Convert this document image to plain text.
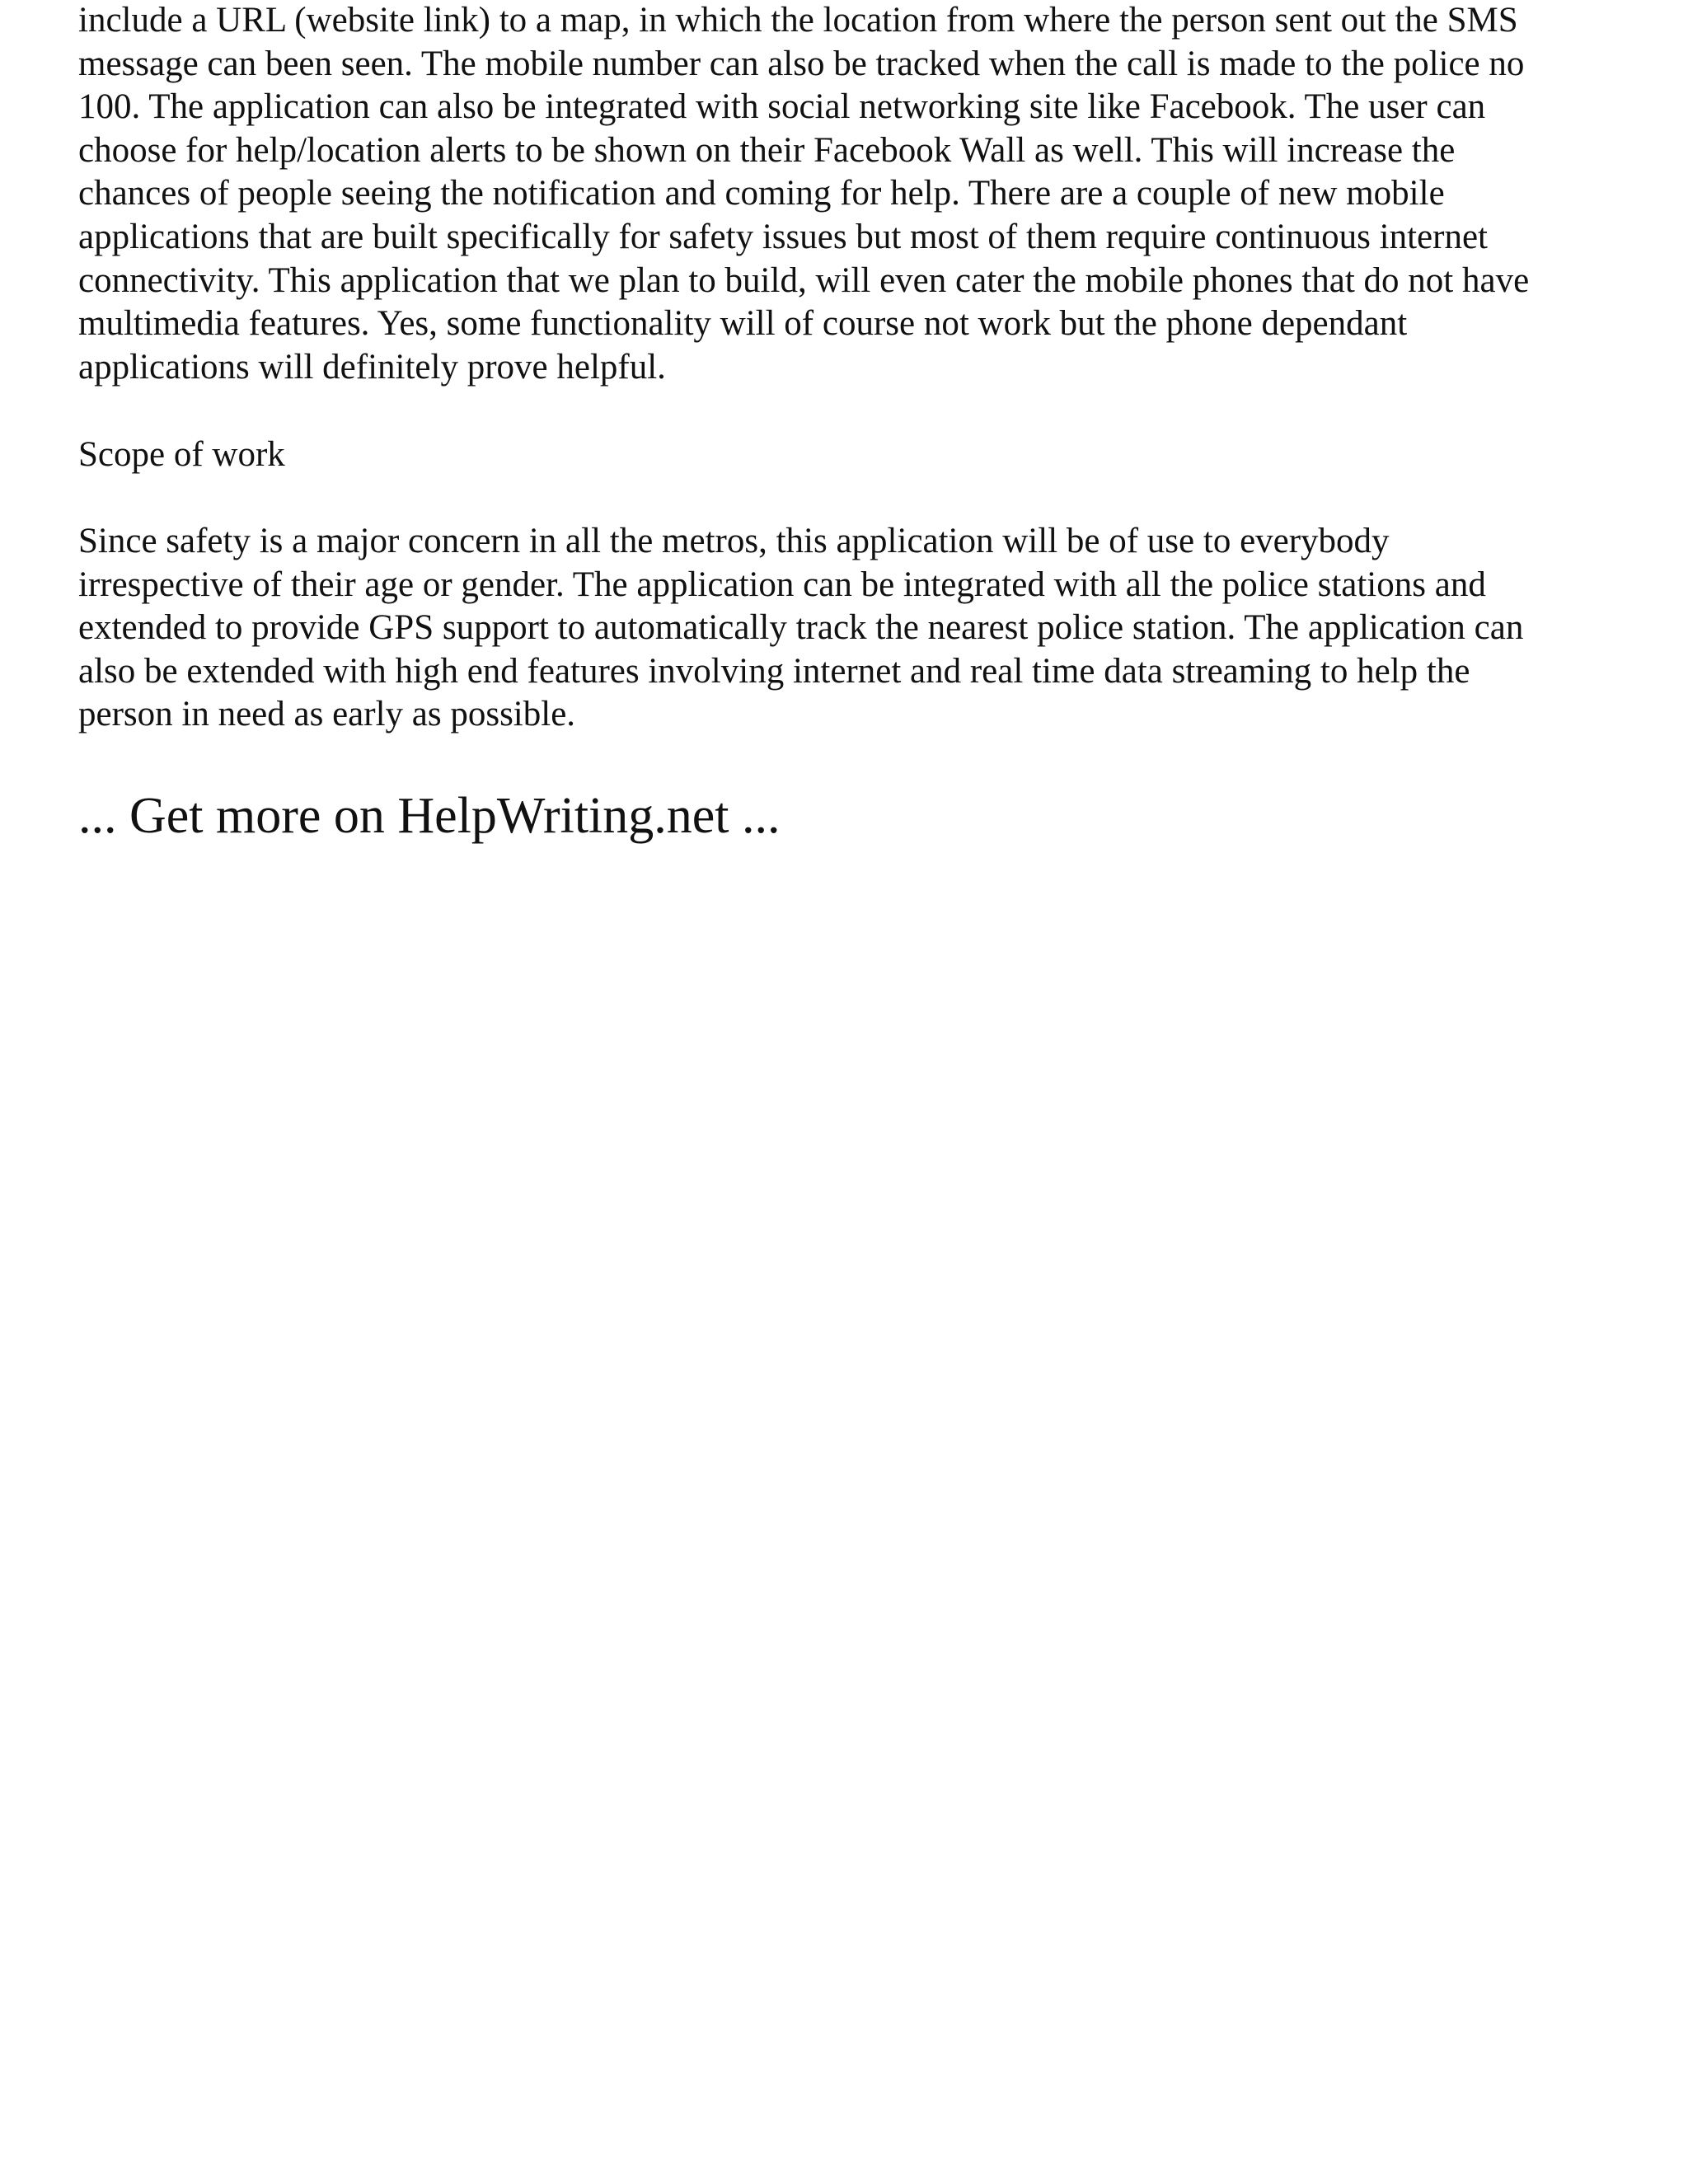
include a URL (website link) to a map, in which the location from where the person sent out the SMS
message can been seen. The mobile number can also be tracked when the call is made to the police no
100. The application can also be integrated with social networking site like Facebook. The user can
choose for help/location alerts to be shown on their Facebook Wall as well. This will increase the
chances of people seeing the notification and coming for help. There are a couple of new mobile
applications that are built specifically for safety issues but most of them require continuous internet
connectivity. This application that we plan to build, will even cater the mobile phones that do not have
multimedia features. Yes, some functionality will of course not work but the phone dependant
applications will definitely prove helpful.
Scope of work
Since safety is a major concern in all the metros, this application will be of use to everybody
irrespective of their age or gender. The application can be integrated with all the police stations and
extended to provide GPS support to automatically track the nearest police station. The application can
also be extended with high end features involving internet and real time data streaming to help the
person in need as early as possible.
... Get more on HelpWriting.net ...
